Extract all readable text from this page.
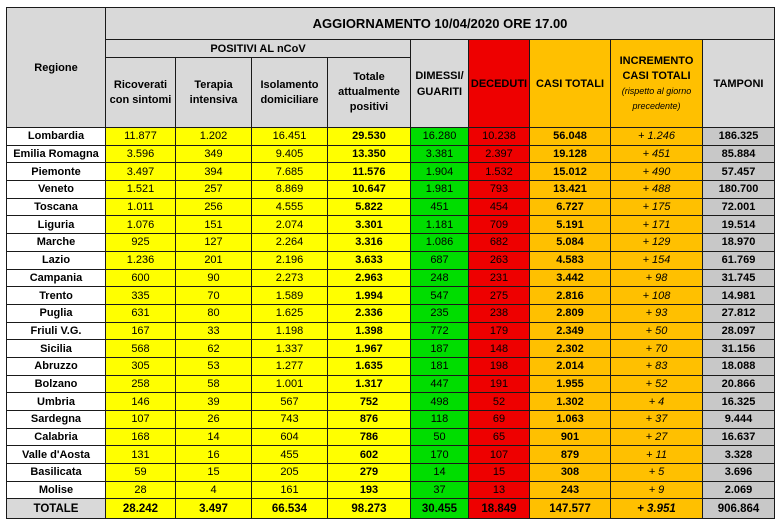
Regione	AGGIORNAMENTO 10/04/2020 ORE 17.00								
	POSITIVI AL nCoV				DIMESSI/ GUARITI	DECEDUTI	CASI TOTALI	INCREMENTO CASI TOTALI
(rispetto al giorno precedente)	TAMPONI
	Ricoverati con sintomi	Terapia intensiva	Isolamento domiciliare	Totale attualmente positivi					
Lombardia	11.877	1.202	16.451	29.530	16.280	10.238	56.048	+ 1.246	186.325
Emilia Romagna	3.596	349	9.405	13.350	3.381	2.397	19.128	+ 451	85.884
Piemonte	3.497	394	7.685	11.576	1.904	1.532	15.012	+ 490	57.457
Veneto	1.521	257	8.869	10.647	1.981	793	13.421	+ 488	180.700
Toscana	1.011	256	4.555	5.822	451	454	6.727	+ 175	72.001
Liguria	1.076	151	2.074	3.301	1.181	709	5.191	+ 171	19.514
Marche	925	127	2.264	3.316	1.086	682	5.084	+ 129	18.970
Lazio	1.236	201	2.196	3.633	687	263	4.583	+ 154	61.769
Campania	600	90	2.273	2.963	248	231	3.442	+ 98	31.745
Trento	335	70	1.589	1.994	547	275	2.816	+ 108	14.981
Puglia	631	80	1.625	2.336	235	238	2.809	+ 93	27.812
Friuli V.G.	167	33	1.198	1.398	772	179	2.349	+ 50	28.097
Sicilia	568	62	1.337	1.967	187	148	2.302	+ 70	31.156
Abruzzo	305	53	1.277	1.635	181	198	2.014	+ 83	18.088
Bolzano	258	58	1.001	1.317	447	191	1.955	+ 52	20.866
Umbria	146	39	567	752	498	52	1.302	+ 4	16.325
Sardegna	107	26	743	876	118	69	1.063	+ 37	9.444
Calabria	168	14	604	786	50	65	901	+ 27	16.637
Valle d'Aosta	131	16	455	602	170	107	879	+ 11	3.328
Basilicata	59	15	205	279	14	15	308	+ 5	3.696
Molise	28	4	161	193	37	13	243	+ 9	2.069
TOTALE	28.242	3.497	66.534	98.273	30.455	18.849	147.577	+ 3.951	906.864
